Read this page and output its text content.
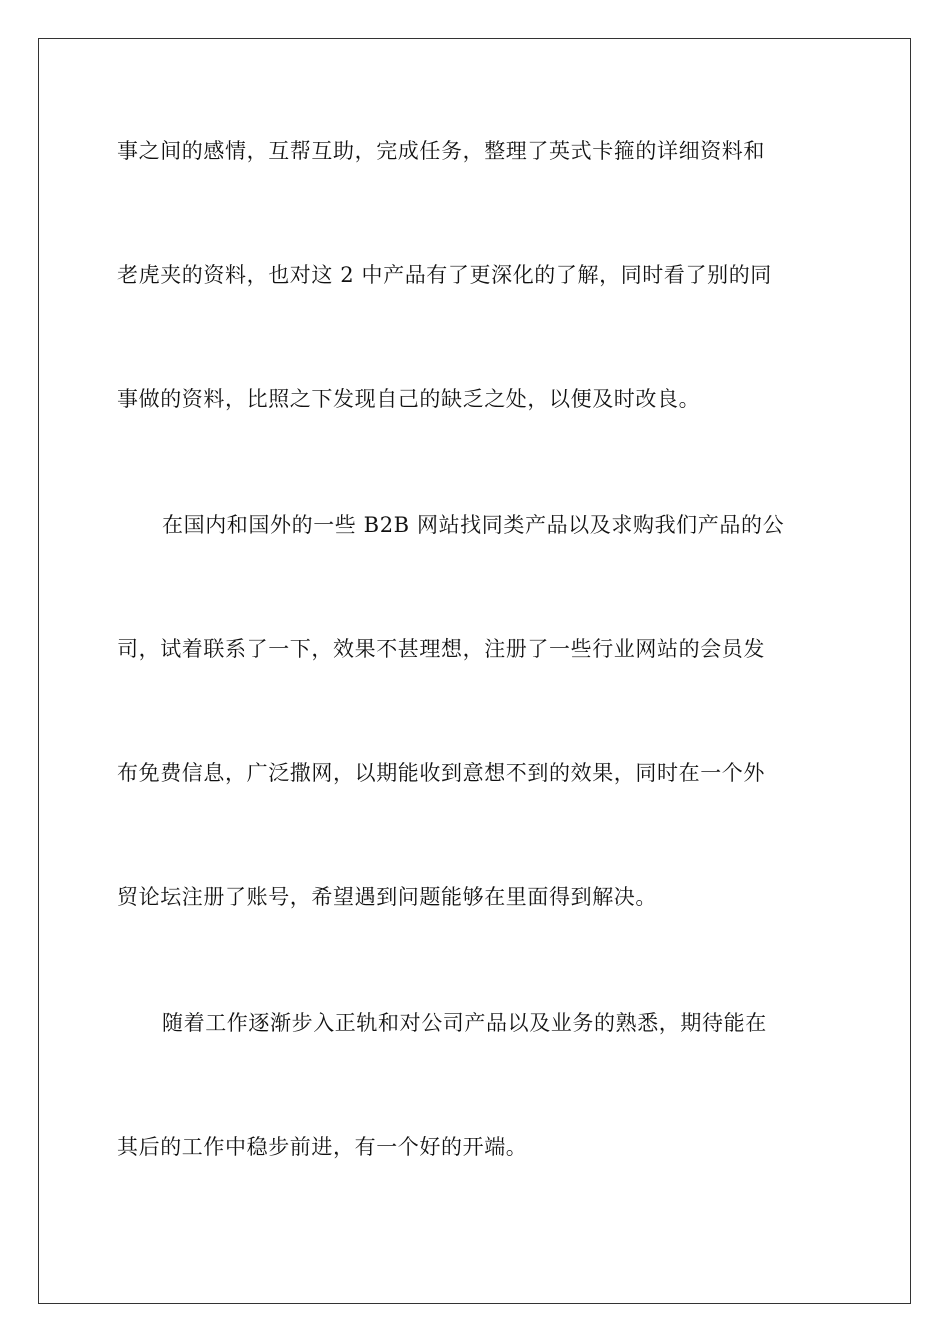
事之间的感情，互帮互助，完成任务，整理了英式卡箍的详细资料和
老虎夹的资料，也对这 2 中产品有了更深化的了解，同时看了别的同
事做的资料，比照之下发现自己的缺乏之处，以便及时改良。
在国内和国外的一些 B2B 网站找同类产品以及求购我们产品的公
司，试着联系了一下，效果不甚理想，注册了一些行业网站的会员发
布免费信息，广泛撒网，以期能收到意想不到的效果，同时在一个外
贸论坛注册了账号，希望遇到问题能够在里面得到解决。
随着工作逐渐步入正轨和对公司产品以及业务的熟悉，期待能在
其后的工作中稳步前进，有一个好的开端。
